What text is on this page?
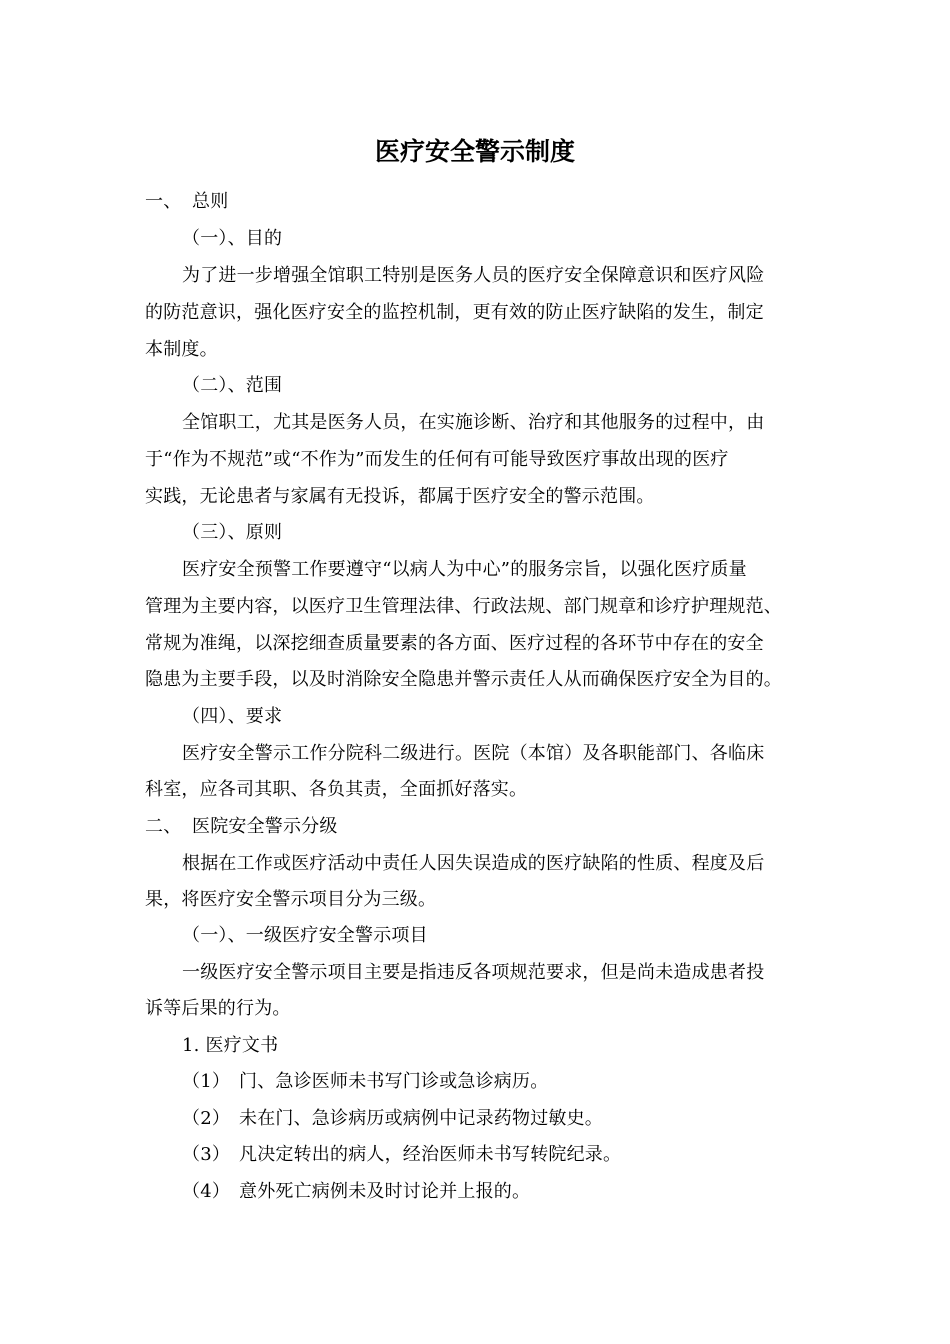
医疗安全警示制度
一、 总则
（一）、目的
为了进一步增强全馆职工特别是医务人员的医疗安全保障意识和医疗风险
的防范意识，强化医疗安全的监控机制，更有效的防止医疗缺陷的发生，制定
本制度。
（二）、范围
全馆职工，尤其是医务人员，在实施诊断、治疗和其他服务的过程中，由
于“作为不规范”或“不作为”而发生的任何有可能导致医疗事故出现的医疗
实践，无论患者与家属有无投诉，都属于医疗安全的警示范围。
（三）、原则
医疗安全预警工作要遵守“以病人为中心”的服务宗旨，以强化医疗质量
管理为主要内容，以医疗卫生管理法律、行政法规、部门规章和诊疗护理规范、
常规为准绳，以深挖细查质量要素的各方面、医疗过程的各环节中存在的安全
隐患为主要手段，以及时消除安全隐患并警示责任人从而确保医疗安全为目的。
（四）、要求
医疗安全警示工作分院科二级进行。医院（本馆）及各职能部门、各临床
科室，应各司其职、各负其责，全面抓好落实。
二、 医院安全警示分级
根据在工作或医疗活动中责任人因失误造成的医疗缺陷的性质、程度及后
果，将医疗安全警示项目分为三级。
（一）、一级医疗安全警示项目
一级医疗安全警示项目主要是指违反各项规范要求，但是尚未造成患者投
诉等后果的行为。
1. 医疗文书
（1） 门、急诊医师未书写门诊或急诊病历。
（2） 未在门、急诊病历或病例中记录药物过敏史。
（3） 凡决定转出的病人，经治医师未书写转院纪录。
（4） 意外死亡病例未及时讨论并上报的。
